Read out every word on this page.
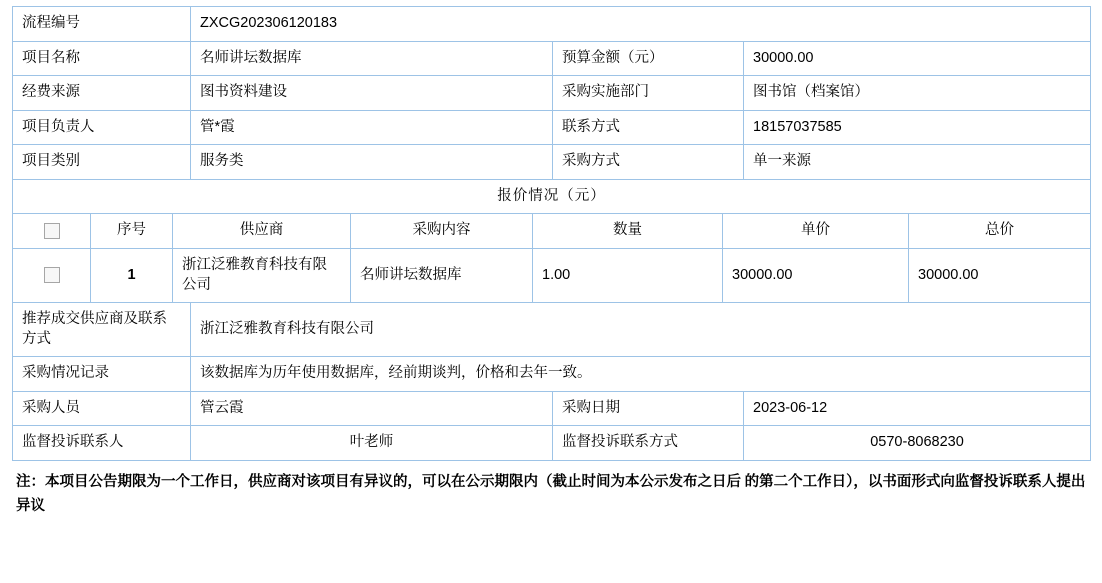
流程编号	ZXCG202306120183		
项目名称	名师讲坛数据库	预算金额（元）	30000.00
经费来源	图书资料建设	采购实施部门	图书馆（档案馆）
项目负责人	管*霞	联系方式	18157037585
项目类别	服务类	采购方式	单一来源
报价情况（元）			
	序号	供应商	采购内容	数量	单价	总价
	1	浙江泛雅教育科技有限公司	名师讲坛数据库	1.00	30000.00	30000.00
推荐成交供应商及联系方式	浙江泛雅教育科技有限公司		
采购情况记录	该数据库为历年使用数据库，经前期谈判，价格和去年一致。		
采购人员	管云霞	采购日期	2023-06-12
监督投诉联系人	叶老师	监督投诉联系方式	0570-8068230
注：本项目公告期限为一个工作日，供应商对该项目有异议的，可以在公示期限内（截止时间为本公示发布之日后 的第二个工作日），以书面形式向监督投诉联系人提出异议
